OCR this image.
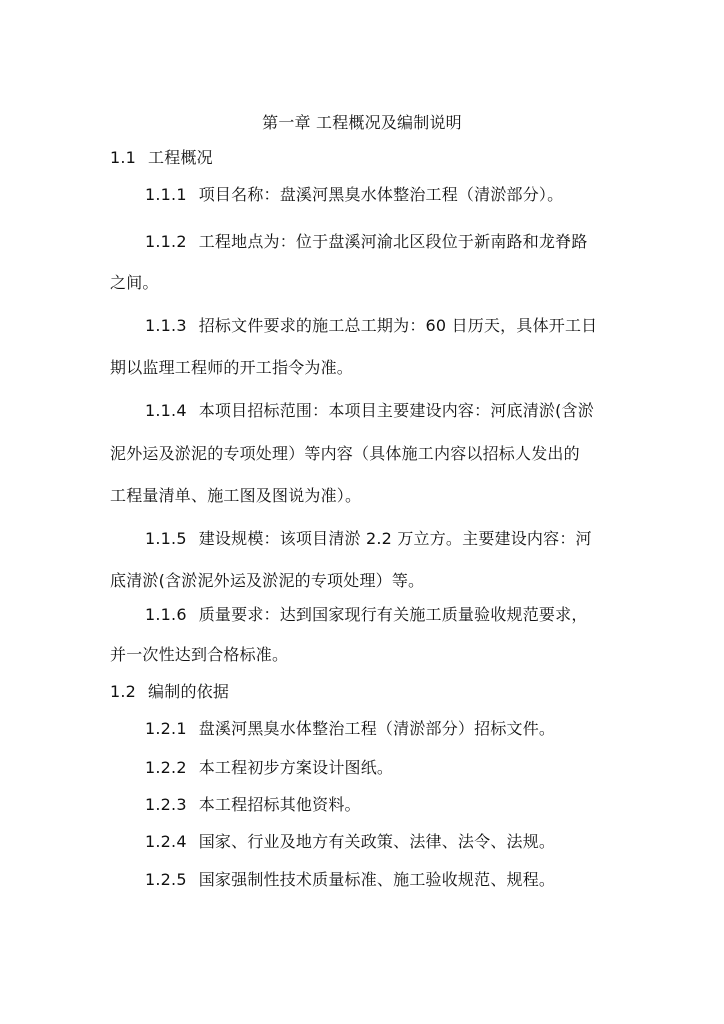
第一章 工程概况及编制说明
1.1 工程概况
1.1.1 项目名称：盘溪河黑臭水体整治工程（清淤部分）。
1.1.2 工程地点为：位于盘溪河渝北区段位于新南路和龙脊路
之间。
1.1.3 招标文件要求的施工总工期为：60 日历天，具体开工日
期以监理工程师的开工指令为准。
1.1.4 本项目招标范围：本项目主要建设内容：河底清淤(含淤
泥外运及淤泥的专项处理）等内容（具体施工内容以招标人发出的
工程量清单、施工图及图说为准）。
1.1.5 建设规模：该项目清淤 2.2 万立方。主要建设内容：河
底清淤(含淤泥外运及淤泥的专项处理）等。
1.1.6 质量要求：达到国家现行有关施工质量验收规范要求，
并一次性达到合格标准。
1.2 编制的依据
1.2.1 盘溪河黑臭水体整治工程（清淤部分）招标文件。
1.2.2 本工程初步方案设计图纸。
1.2.3 本工程招标其他资料。
1.2.4 国家、行业及地方有关政策、法律、法令、法规。
1.2.5 国家强制性技术质量标准、施工验收规范、规程。
